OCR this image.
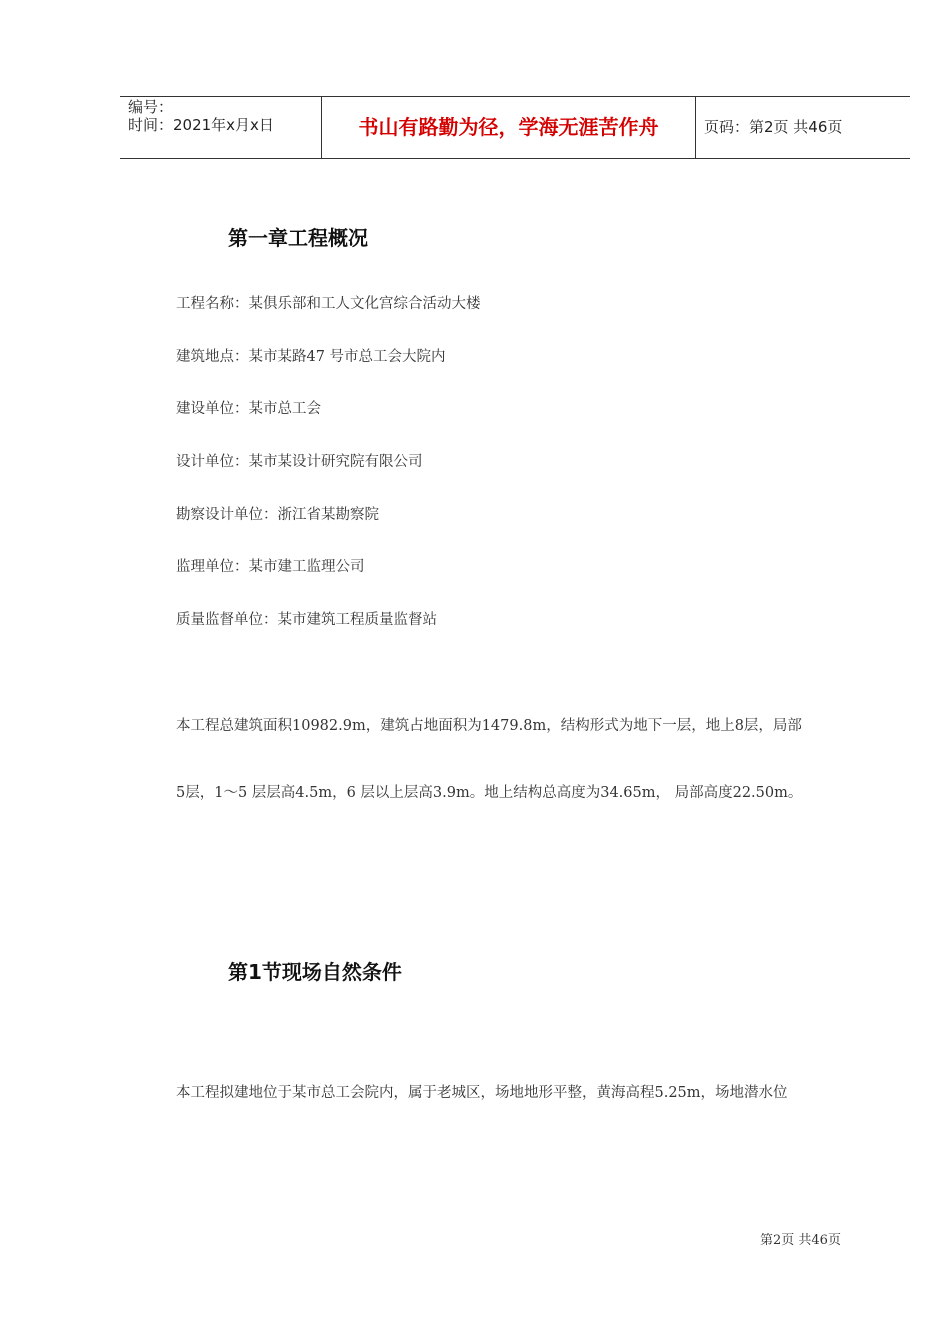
编号：
时间：2021年x月x日	书山有路勤为径，学海无涯苦作舟	页码：第2页 共46页
第一章工程概况
工程名称：某俱乐部和工人文化宫综合活动大楼
建筑地点：某市某路47 号市总工会大院内
建设单位：某市总工会
设计单位：某市某设计研究院有限公司
勘察设计单位：浙江省某勘察院
监理单位：某市建工监理公司
质量监督单位：某市建筑工程质量监督站
本工程总建筑面积10982.9m，建筑占地面积为1479.8m，结构形式为地下一层，地上8层，局部
5层，1～5 层层高4.5m，6 层以上层高3.9m。地上结构总高度为34.65m， 局部高度22.50m。
第1节现场自然条件
本工程拟建地位于某市总工会院内，属于老城区，场地地形平整，黄海高程5.25m，场地潜水位
第2页 共46页
